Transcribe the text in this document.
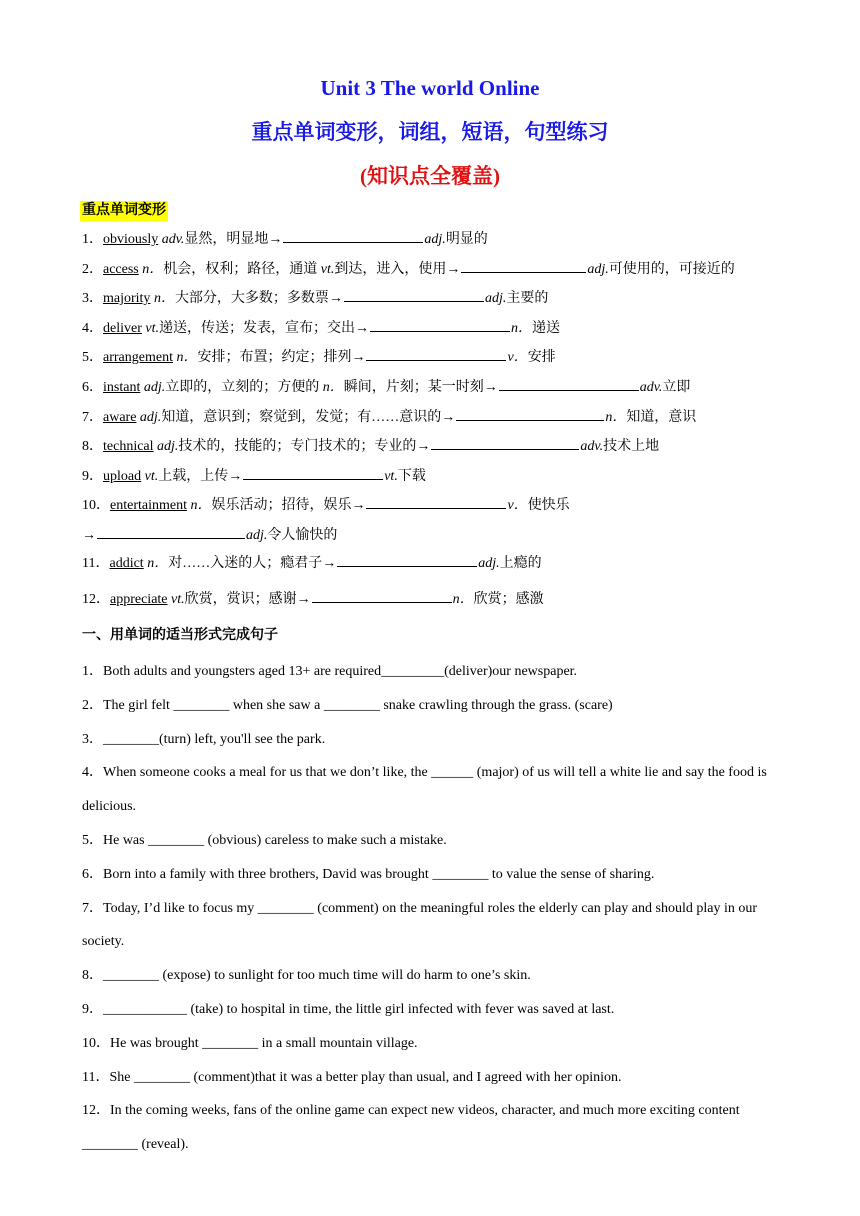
Unit 3 The world Online
重点单词变形，词组，短语，句型练习
(知识点全覆盖)
重点单词变形
1．obviously adv.显然，明显地→	adj.明显的
2．access n．机会，权利；路径，通道 vt.到达，进入，使用→	adj.可使用的，可接近的
3．majority n．大部分，大多数；多数票→	adj.主要的
4．deliver vt.递送，传送；发表，宣布；交出→	n．递送
5．arrangement n．安排；布置；约定；排列→	v．安排
6．instant adj.立即的，立刻的；方便的 n．瞬间，片刻；某一时刻→	adv.立即
7．aware adj.知道，意识到；察觉到，发觉；有……意识的→	n．知道，意识
8．technical adj.技术的，技能的；专门技术的；专业的→	adv.技术上地
9．upload vt.上载，上传→	vt.下载
10．entertainment n．娱乐活动；招待，娱乐→	v．使快乐
→	adj.令人愉快的
11．addict n．对……入迷的人；瘾君子→	adj.上瘾的
12．appreciate vt.欣赏，赏识；感谢→	n．欣赏；感激
一、用单词的适当形式完成句子

1．Both adults and youngsters aged 13+ are required_________(deliver)our newspaper.

2．The girl felt ________ when she saw a ________ snake crawling through the grass. (scare)

3．________(turn) left, you'll see the park.

4．When someone cooks a meal for us that we don’t like, the ______ (major) of us will tell a white lie and say the food is delicious.

5．He was ________ (obvious) careless to make such a mistake.

6．Born into a family with three brothers, David was brought ________ to value the sense of sharing.

7．Today, I’d like to focus my ________ (comment) on the meaningful roles the elderly can play and should play in our society.

8．________ (expose) to sunlight for too much time will do harm to one’s skin.

9．____________ (take) to hospital in time, the little girl infected with fever was saved at last.

10．He was brought ________ in a small mountain village.

11．She ________ (comment)that it was a better play than usual, and I agreed with her opinion.

12．In the coming weeks, fans of the online game can expect new videos, character, and much more exciting content ________ (reveal).
